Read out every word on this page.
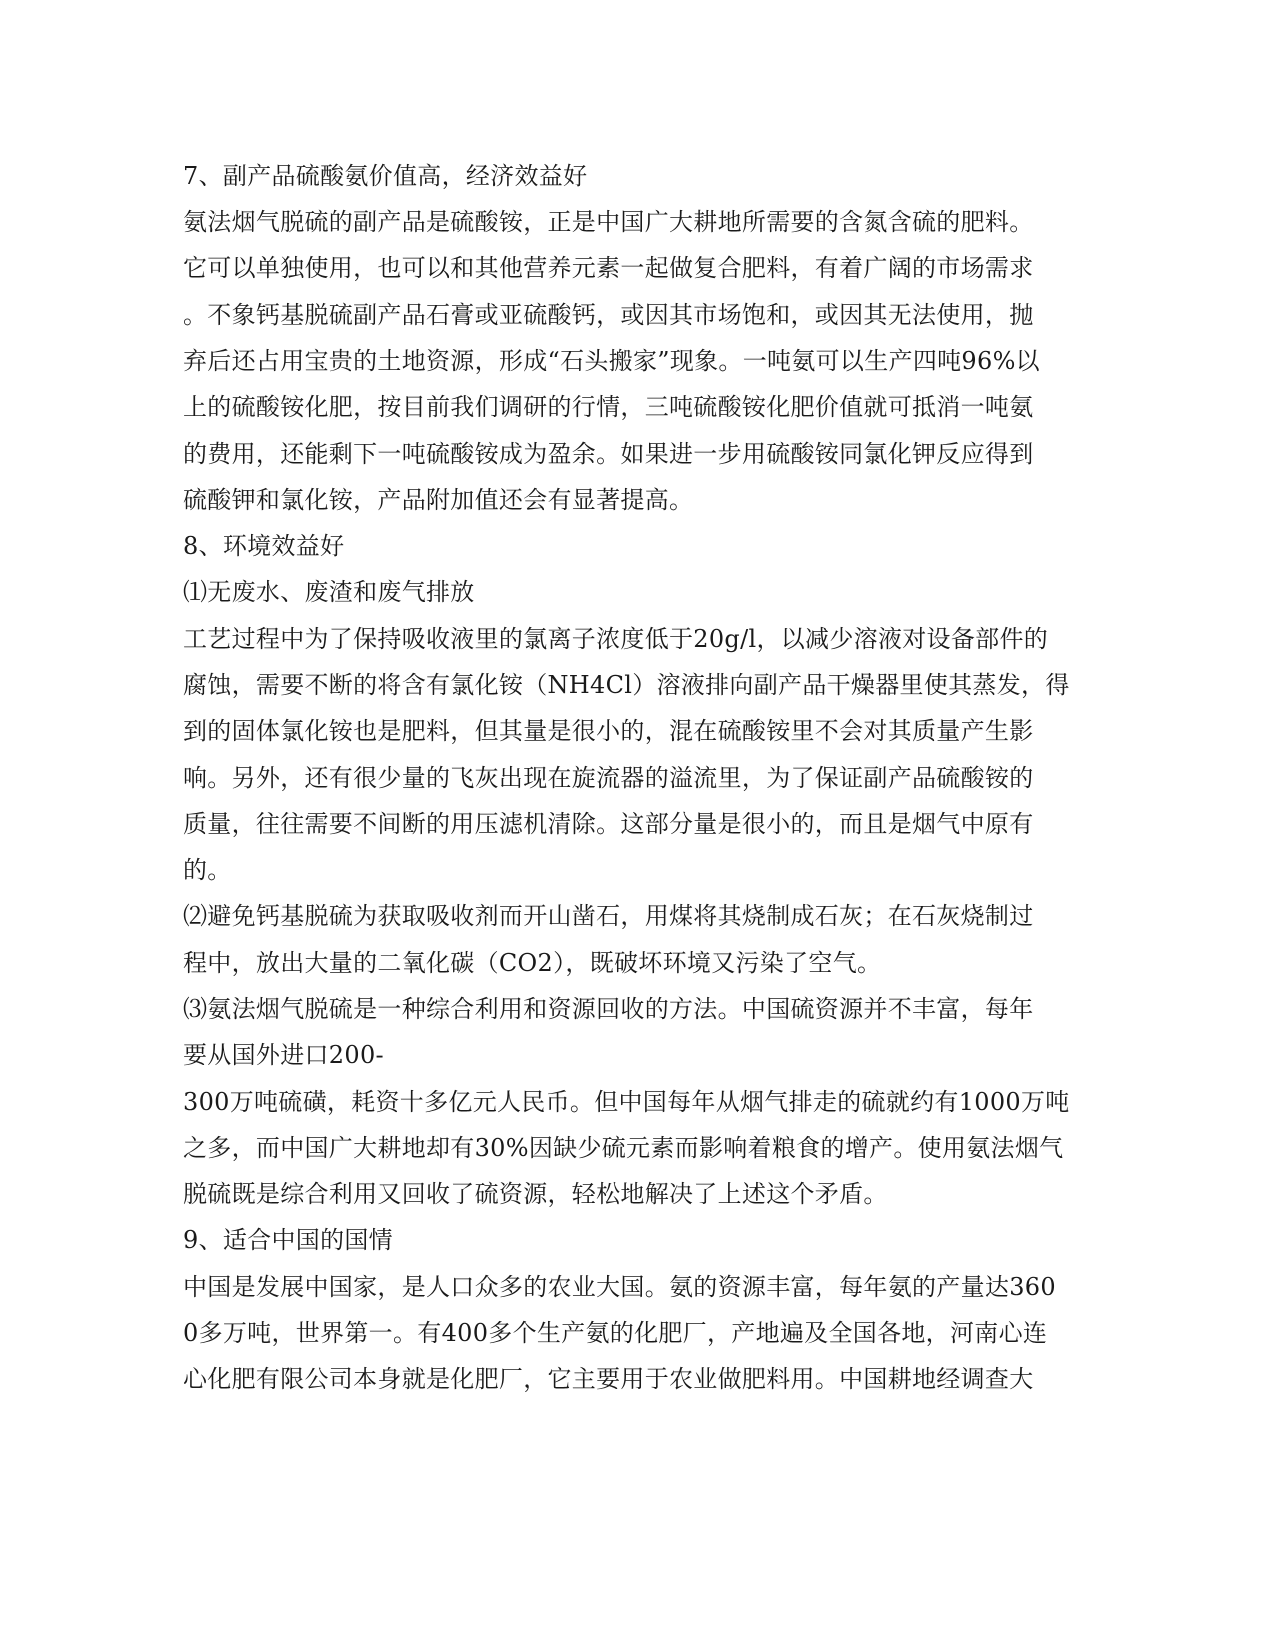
7、副产品硫酸氨价值高，经济效益好
氨法烟气脱硫的副产品是硫酸铵，正是中国广大耕地所需要的含氮含硫的肥料。
它可以单独使用，也可以和其他营养元素一起做复合肥料，有着广阔的市场需求
。不象钙基脱硫副产品石膏或亚硫酸钙，或因其市场饱和，或因其无法使用，抛
弃后还占用宝贵的土地资源，形成“石头搬家”现象。一吨氨可以生产四吨96%以
上的硫酸铵化肥，按目前我们调研的行情，三吨硫酸铵化肥价值就可抵消一吨氨
的费用，还能剩下一吨硫酸铵成为盈余。如果进一步用硫酸铵同氯化钾反应得到
硫酸钾和氯化铵，产品附加值还会有显著提高。
8、环境效益好
⑴无废水、废渣和废气排放
工艺过程中为了保持吸收液里的氯离子浓度低于20g/l，以减少溶液对设备部件的
腐蚀，需要不断的将含有氯化铵（NH4Cl）溶液排向副产品干燥器里使其蒸发，得
到的固体氯化铵也是肥料，但其量是很小的，混在硫酸铵里不会对其质量产生影
响。另外，还有很少量的飞灰出现在旋流器的溢流里，为了保证副产品硫酸铵的
质量，往往需要不间断的用压滤机清除。这部分量是很小的，而且是烟气中原有
的。
⑵避免钙基脱硫为获取吸收剂而开山凿石，用煤将其烧制成石灰；在石灰烧制过
程中，放出大量的二氧化碳（CO2），既破坏环境又污染了空气。
⑶氨法烟气脱硫是一种综合利用和资源回收的方法。中国硫资源并不丰富，每年
要从国外进口200-
300万吨硫磺，耗资十多亿元人民币。但中国每年从烟气排走的硫就约有1000万吨
之多，而中国广大耕地却有30%因缺少硫元素而影响着粮食的增产。使用氨法烟气
脱硫既是综合利用又回收了硫资源，轻松地解决了上述这个矛盾。
9、适合中国的国情
中国是发展中国家，是人口众多的农业大国。氨的资源丰富，每年氨的产量达360
0多万吨，世界第一。有400多个生产氨的化肥厂，产地遍及全国各地，河南心连
心化肥有限公司本身就是化肥厂，它主要用于农业做肥料用。中国耕地经调查大
